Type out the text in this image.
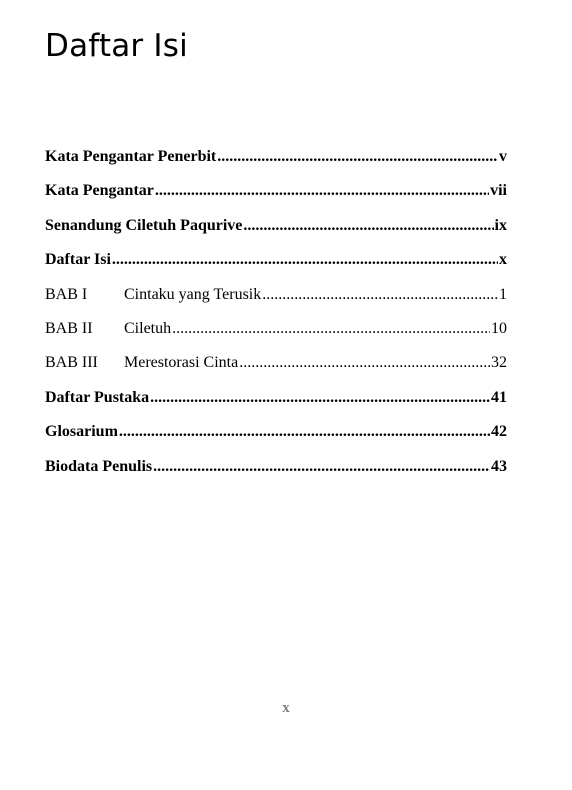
Daftar Isi
Kata Pengantar Penerbit .....	v
Kata Pengantar .....	vii
Senandung Ciletuh Paqurive .....	ix
Daftar Isi .....	x
BAB I	Cintaku yang Terusik .....	1
BAB II	Ciletuh .....	10
BAB III	Merestorasi Cinta .....	32
Daftar Pustaka .....	41
Glosarium .....	42
Biodata Penulis .....	43
x
